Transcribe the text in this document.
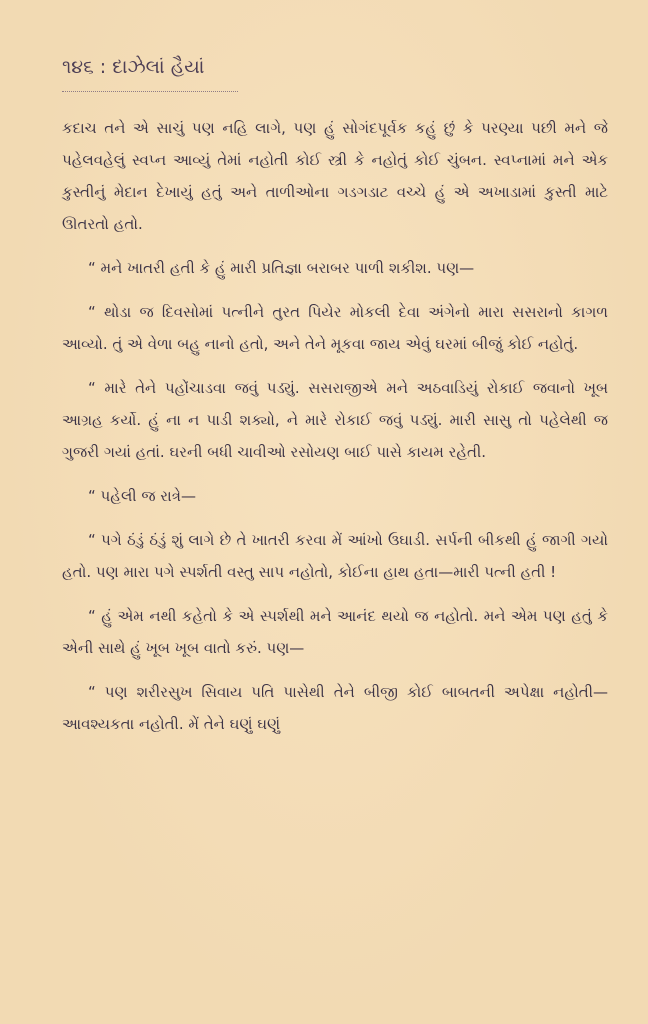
૧૪૬ : દાઝેલાં હૈયાં

કદાચ તને એ સાચું પણ નહિ લાગે, પણ હું સોગંદપૂર્વક કહું છું કે પરણ્યા પછી મને જે પહેલવહેલું સ્વપ્ન આવ્યું તેમાં નહોતી કોઈ સ્ત્રી કે નહોતું કોઈ ચુંબન. સ્વપ્નામાં મને એક કુસ્તીનું મેદાન દેખાયું હતું અને તાળીઓના ગડગડાટ વચ્ચે હું એ અખાડામાં કુસ્તી માટે ઊતરતો હતો.

“ મને ખાતરી હતી કે હું મારી પ્રતિજ્ઞા બરાબર પાળી શકીશ. પણ—

“ થોડા જ દિવસોમાં પત્નીને તુરત પિયેર મોકલી દેવા અંગેનો મારા સસરાનો કાગળ આવ્યો. તું એ વેળા બહુ નાનો હતો, અને તેને મૂકવા જાય એવું ઘરમાં બીજું કોઈ નહોતું.

“ મારે તેને પહોંચાડવા જવું પડ્યું. સસરાજીએ મને અઠવાડિયું રોકાઈ જવાનો ખૂબ આગ્રહ કર્યો. હું ના ન પાડી શક્યો, ને મારે રોકાઈ જવું પડ્યું. મારી સાસુ તો પહેલેથી જ ગુજરી ગયાં હતાં. ઘરની બધી ચાવીઓ રસોયણ બાઈ પાસે કાયમ રહેતી.

“ પહેલી જ રાત્રે—

“ પગે ઠંડું ઠંડું શું લાગે છે તે ખાતરી કરવા મેં આંખો ઉઘાડી. સર્પની બીકથી હું જાગી ગયો હતો. પણ મારા પગે સ્પર્શતી વસ્તુ સાપ નહોતો, કોઈના હાથ હતા—મારી પત્ની હતી !

“ હું એમ નથી કહેતો કે એ સ્પર્શથી મને આનંદ થયો જ નહોતો. મને એમ પણ હતું કે એની સાથે હું ખૂબ ખૂબ વાતો કરું. પણ—

“ પણ શરીરસુખ સિવાય પતિ પાસેથી તેને બીજી કોઈ બાબતની અપેક્ષા નહોતી—આવશ્યકતા નહોતી. મેં તેને ઘણું ઘણું
